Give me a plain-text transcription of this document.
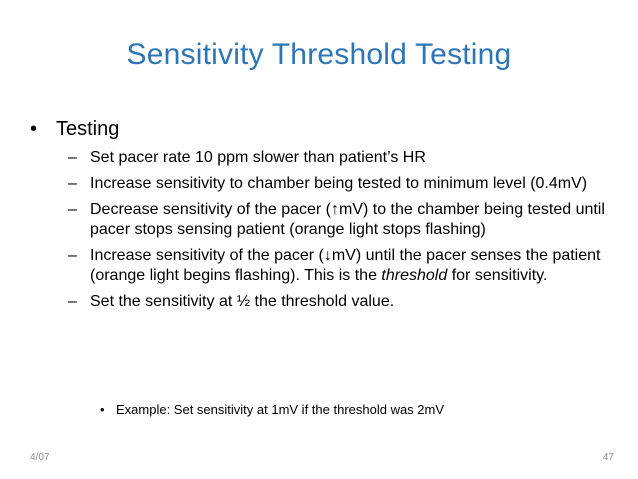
Sensitivity Threshold Testing
• Testing
– Set pacer rate 10 ppm slower than patient’s HR
– Increase sensitivity to chamber being tested to minimum level (0.4mV)
– Decrease sensitivity of the pacer (↑mV) to the chamber being tested until pacer stops sensing patient (orange light stops flashing)
– Increase sensitivity of the pacer (↓mV) until the pacer senses the patient (orange light begins flashing). This is the threshold for sensitivity.
– Set the sensitivity at ½ the threshold value.
• Example: Set sensitivity at 1mV if the threshold was 2mV
4/07	47
